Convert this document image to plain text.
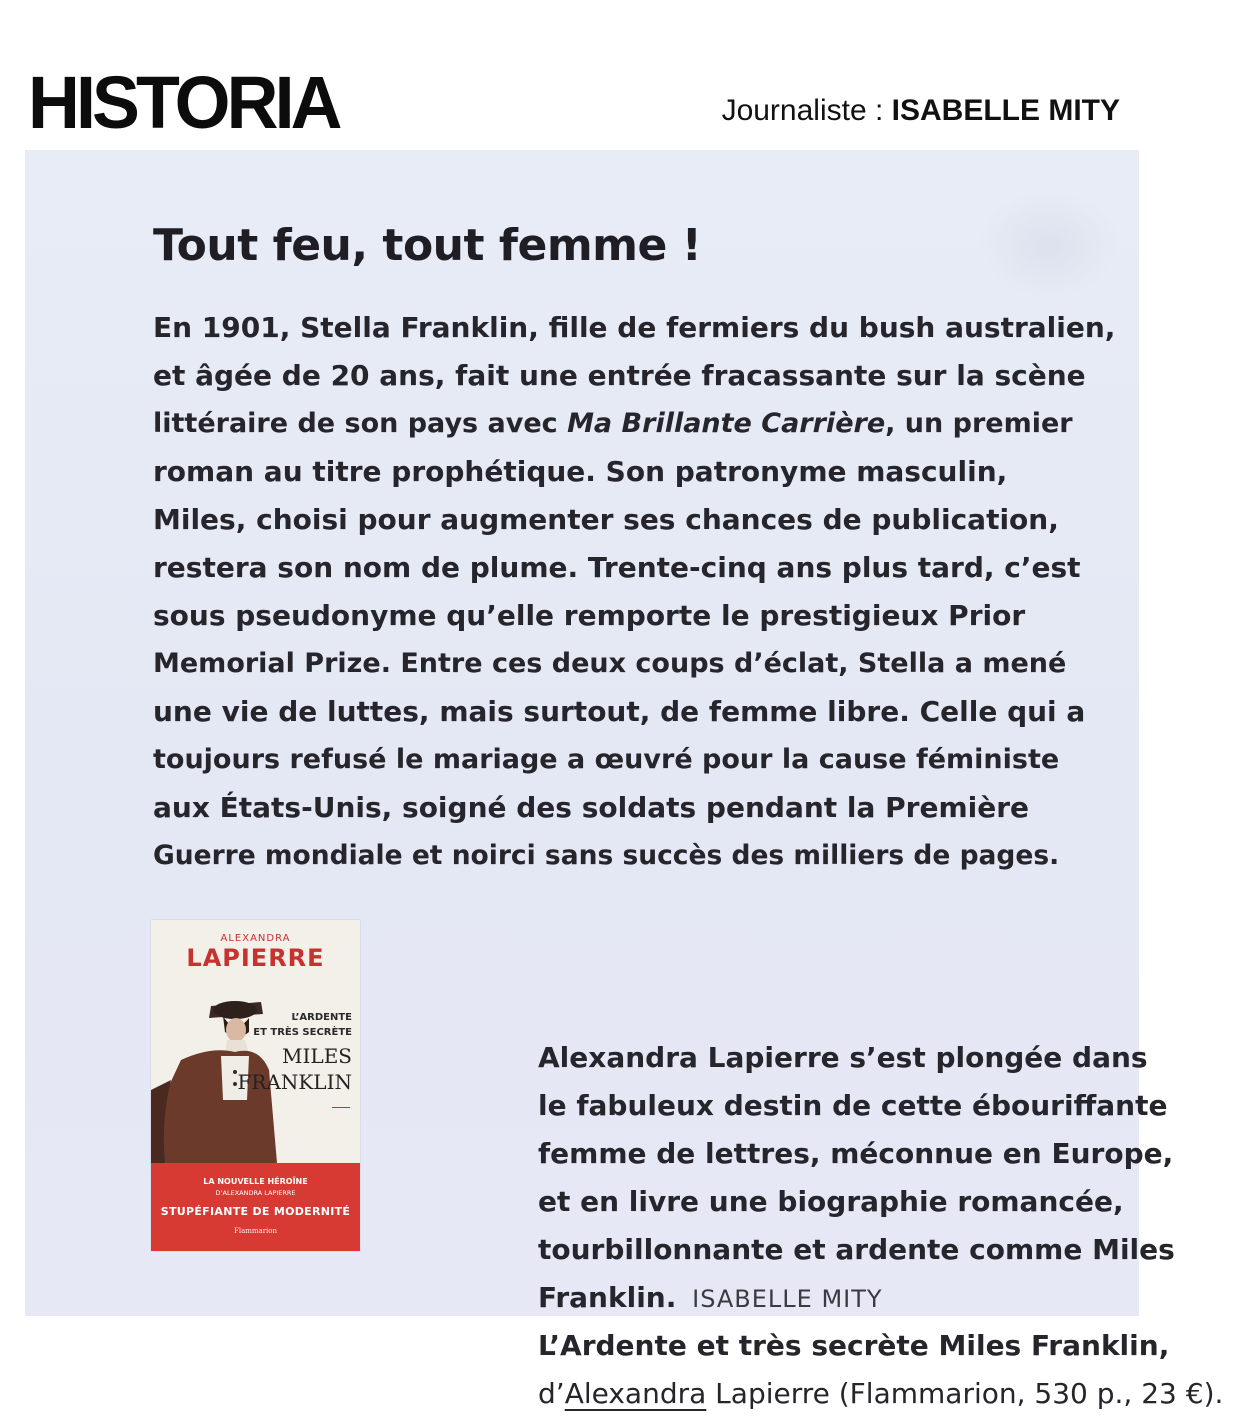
HISTORIA	Journaliste : ISABELLE MITY
Tout feu, tout femme !
En 1901, Stella Franklin, fille de fermiers du bush australien,
et âgée de 20 ans, fait une entrée fracassante sur la scène
littéraire de son pays avec Ma Brillante Carrière, un premier
roman au titre prophétique. Son patronyme masculin,
Miles, choisi pour augmenter ses chances de publication,
restera son nom de plume. Trente-cinq ans plus tard, c’est
sous pseudonyme qu’elle remporte le prestigieux Prior
Memorial Prize. Entre ces deux coups d’éclat, Stella a mené
une vie de luttes, mais surtout, de femme libre. Celle qui a
toujours refusé le mariage a œuvré pour la cause féministe
aux États-Unis, soigné des soldats pendant la Première
Guerre mondiale et noirci sans succès des milliers de pages.
Alexandra Lapierre s’est plongée dans
le fabuleux destin de cette ébouriffante
femme de lettres, méconnue en Europe,
et en livre une biographie romancée,
tourbillonnante et ardente comme Miles
Franklin. ISABELLE MITY
L’Ardente et très secrète Miles Franklin,
d’Alexandra Lapierre (Flammarion, 530 p., 23 €).
ALEXANDRA
LAPIERRE
L’ARDENTE
ET TRÈS SECRÈTE
MILES
FRANKLIN
LA NOUVELLE HÉROÏNE
D’ALEXANDRA LAPIERRE
STUPÉFIANTE DE MODERNITÉ
Flammarion
